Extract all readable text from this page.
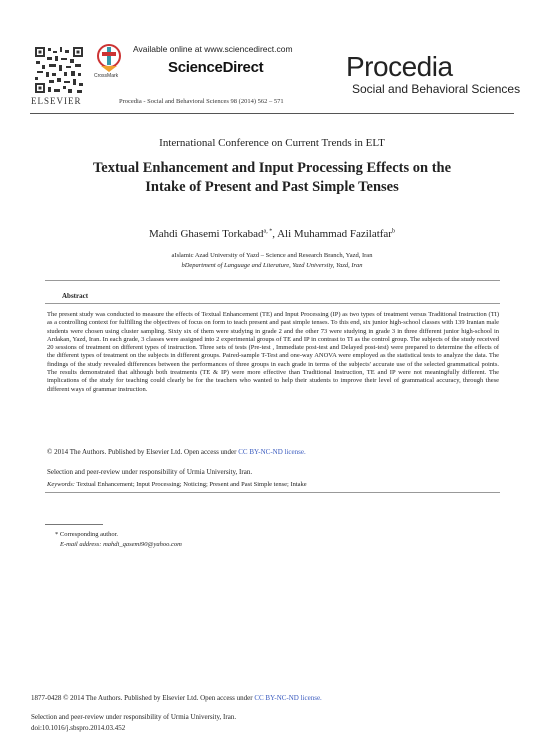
ELSEVIER
CrossMark
Available online at www.sciencedirect.com
ScienceDirect
Procedia - Social and Behavioral Sciences 98 (2014) 562 – 571
Procedia
Social and Behavioral Sciences
International Conference on Current Trends in ELT
Textual Enhancement and Input Processing Effects on the
Intake of Present and Past Simple Tenses
Mahdi Ghasemi Torkabad$^{a, *}$, Ali Muhammad Fazilatfar$^b$
aIslamic Azad University of Yazd – Science and Research Branch, Yazd, Iran
bDepartment of Language and Literature, Yazd University, Yazd, Iran
Abstract
The present study was conducted to measure the effects of Textual Enhancement (TE) and Input Processing (IP) as two types of treatment versus Traditional Instruction (TI) as a controlling context for fulfilling the objectives of focus on form to teach present and past simple tenses. To this end, six junior high-school classes with 139 Iranian male students were chosen using cluster sampling. Sixty six of them were studying in grade 2 and the other 73 were studying in grade 3 in three different junior high-school in Ardakan, Yazd, Iran. In each grade, 3 classes were assigned into 2 experimental groups of TE and IP in contrast to TI as the control group. The subjects of the study received 20 sessions of treatment on different types of instruction. Three sets of tests (Pre-test , Immediate post-test and Delayed post-test) were prepared to determine the effects of the different types of treatment on the subjects in different groups. Paired-sample T-Test and one-way ANOVA were employed as the statistical tests to analyze the data. The findings of the study revealed differences between the performances of three groups in each grade in terms of the subjects' accurate use of the selected grammatical points. The results demonstrated that although both treatments (TE & IP) were more effective than Traditional Instruction, TE and IP were not meaningfully different. The implications of the study for teaching could clearly be for the teachers who wanted to help their students to improve their level of grammatical accuracy, through these different ways of grammar instruction.
© 2014 The Authors. Published by Elsevier Ltd. Open access under CC BY-NC-ND license.
Selection and peer-review under responsibility of Urmia University, Iran.
Keywords: Textual Enhancement; Input Processing; Noticing; Present and Past Simple tense; Intake
* Corresponding author.
E-mail address: mahdi_qasemi90@yahoo.com
1877-0428 © 2014 The Authors. Published by Elsevier Ltd. Open access under CC BY-NC-ND license.
Selection and peer-review under responsibility of Urmia University, Iran.
doi:10.1016/j.sbspro.2014.03.452
